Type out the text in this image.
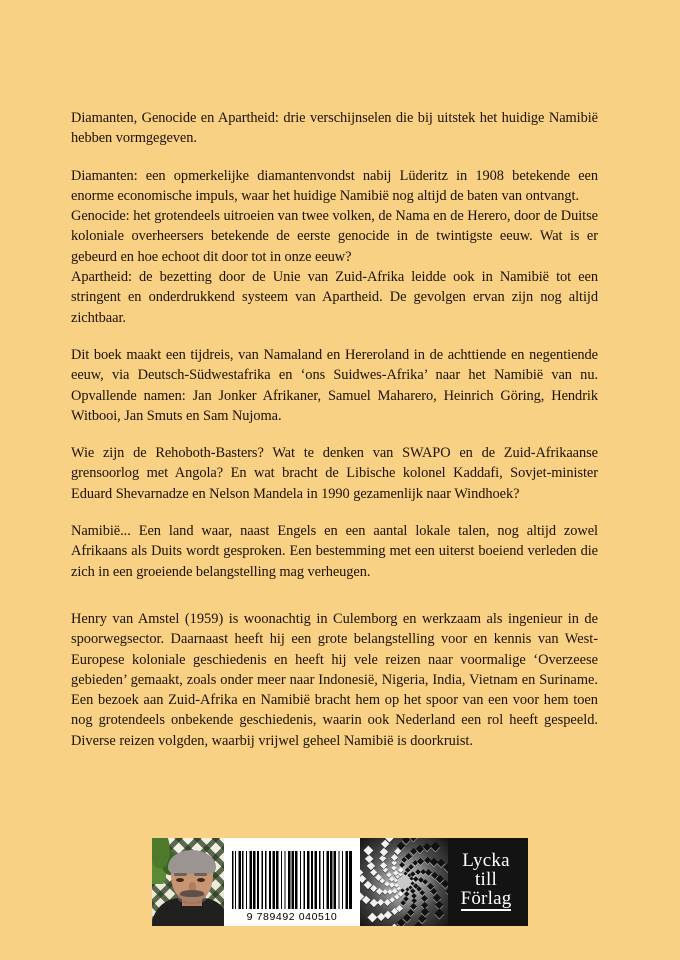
Diamanten, Genocide en Apartheid: drie verschijnselen die bij uitstek het huidige Namibië hebben vormgegeven.

Diamanten: een opmerkelijke diamantenvondst nabij Lüderitz in 1908 betekende een enorme economische impuls, waar het huidige Namibië nog altijd de baten van ontvangt.

Genocide: het grotendeels uitroeien van twee volken, de Nama en de Herero, door de Duitse koloniale overheersers betekende de eerste genocide in de twintigste eeuw. Wat is er gebeurd en hoe echoot dit door tot in onze eeuw?

Apartheid: de bezetting door de Unie van Zuid-Afrika leidde ook in Namibië tot een stringent en onderdrukkend systeem van Apartheid. De gevolgen ervan zijn nog altijd zichtbaar.

Dit boek maakt een tijdreis, van Namaland en Hereroland in de achttiende en negentiende eeuw, via Deutsch-Südwestafrika en ‘ons Suidwes-Afrika’ naar het Namibië van nu. Opvallende namen: Jan Jonker Afrikaner, Samuel Maharero, Heinrich Göring, Hendrik Witbooi, Jan Smuts en Sam Nujoma.

Wie zijn de Rehoboth-Basters? Wat te denken van SWAPO en de Zuid-Afrikaanse grensoorlog met Angola? En wat bracht de Libische kolonel Kaddafi, Sovjet-minister Eduard Shevarnadze en Nelson Mandela in 1990 gezamenlijk naar Windhoek?

Namibië... Een land waar, naast Engels en een aantal lokale talen, nog altijd zowel Afrikaans als Duits wordt gesproken. Een bestemming met een uiterst boeiend verleden die zich in een groeiende belangstelling mag verheugen.

Henry van Amstel (1959) is woonachtig in Culemborg en werkzaam als ingenieur in de spoorwegsector. Daarnaast heeft hij een grote belangstelling voor en kennis van West-Europese koloniale geschiedenis en heeft hij vele reizen naar voormalige ‘Overzeese gebieden’ gemaakt, zoals onder meer naar Indonesië, Nigeria, India, Vietnam en Suriname. Een bezoek aan Zuid-Afrika en Namibië bracht hem op het spoor van een voor hem toen nog grotendeels onbekende geschiedenis, waarin ook Nederland een rol heeft gespeeld. Diverse reizen volgden, waarbij vrijwel geheel Namibië is doorkruist.

9 789492 040510
Lycka
till
Förlag
